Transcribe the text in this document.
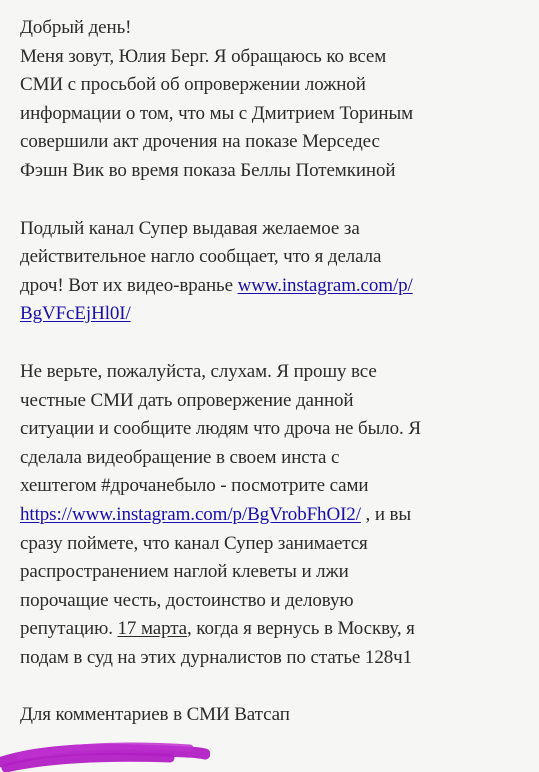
Добрый день!

Меня зовут, Юлия Берг. Я обращаюсь ко всем
СМИ с просьбой об опровержении ложной
информации о том, что мы с Дмитрием Ториным
совершили акт дрочения на показе Мерседес
Фэшн Вик во время показа Беллы Потемкиной

Подлый канал Супер выдавая желаемое за
действительное нагло сообщает, что я делала
дроч! Вот их видео-вранье www.instagram.com/p/
BgVFcEjHl0I/

Не верьте, пожалуйста, слухам. Я прошу все
честные СМИ дать опровержение данной
ситуации и сообщите людям что дроча не было. Я
сделала видеобращение в своем инста с
хештегом #дрочанебыло - посмотрите сами
https://www.instagram.com/p/BgVrobFhOI2/ , и вы
сразу поймете, что канал Супер занимается
распространением наглой клеветы и лжи
порочащие честь, достоинство и деловую
репутацию. 17 марта, когда я вернусь в Москву, я
подам в суд на этих дурналистов по статье 128ч1

Для комментариев в СМИ Ватсап
